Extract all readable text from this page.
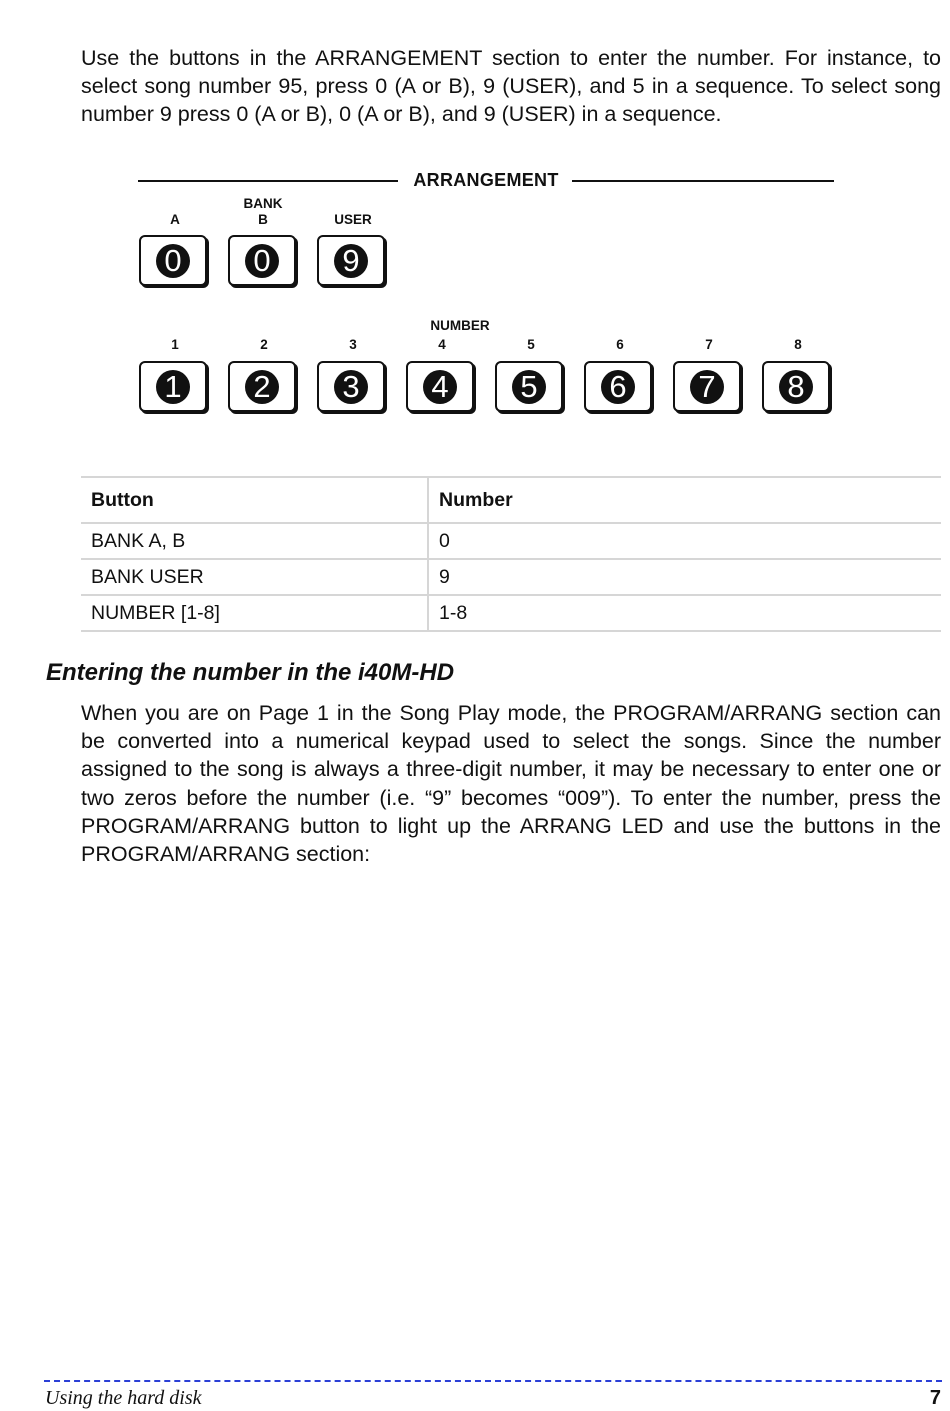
Use the buttons in the ARRANGEMENT section to enter the number. For instance, to select song number 95, press 0 (A or B), 9 (USER), and 5 in a sequence. To select song number 9 press 0 (A or B), 0 (A or B), and 9 (USER) in a sequence.

ARRANGEMENT
BANK
NUMBER
A	B	USER
0 0 9
1	2	3	4	5	6	7	8
1 2 3 4 5 6 7 8
Button	Number
BANK A, B	0
BANK USER	9
NUMBER [1-8]	1-8
Entering the number in the i40M-HD

When you are on Page 1 in the Song Play mode, the PROGRAM/ARRANG section can be converted into a numerical keypad used to select the songs. Since the number assigned to the song is always a three-digit number, it may be necessary to enter one or two zeros before the number (i.e. “9” becomes “009”). To enter the number, press the PROGRAM/ARRANG button to light up the ARRANG LED and use the buttons in the PROGRAM/ARRANG section:

Using the hard disk	7
